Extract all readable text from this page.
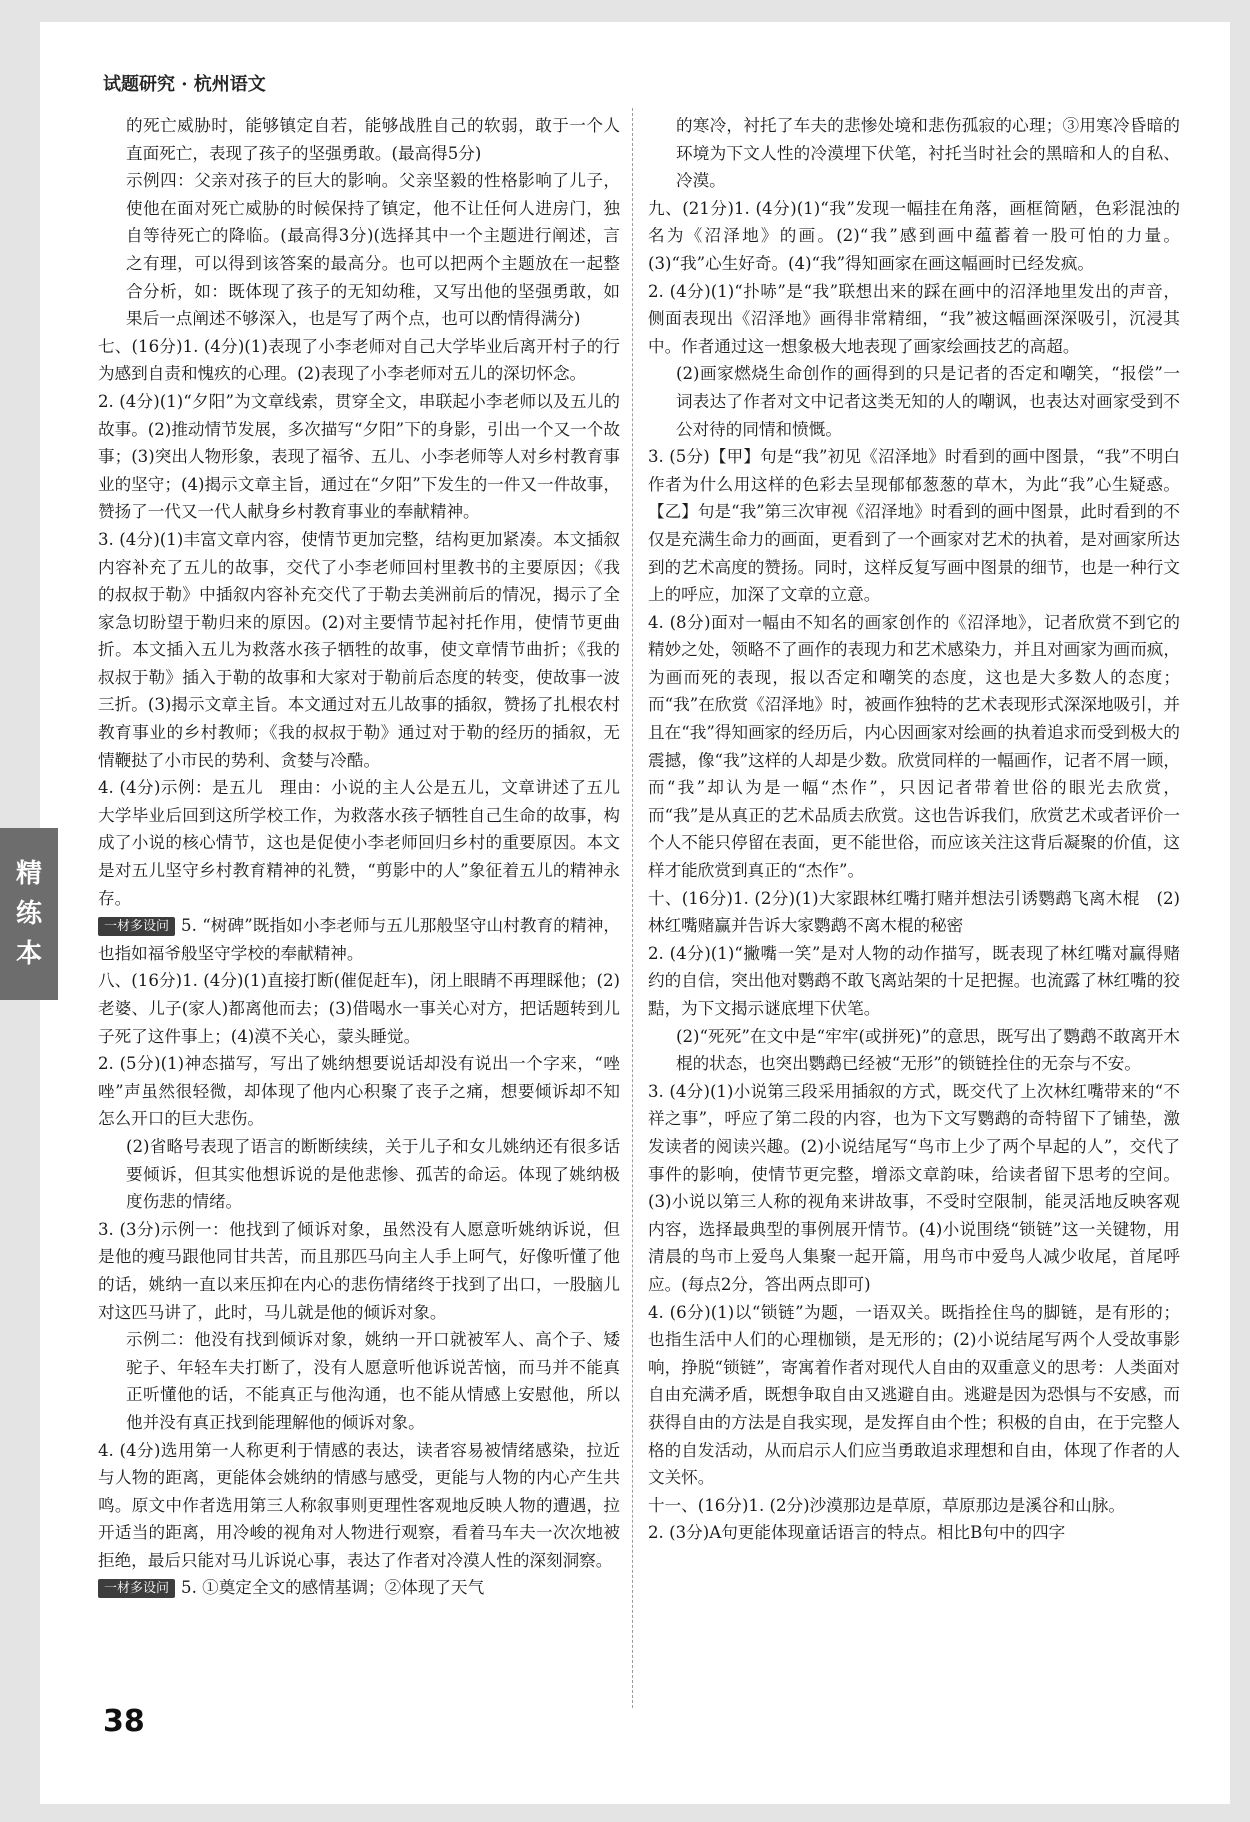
试题研究 · 杭州语文

的死亡威胁时，能够镇定自若，能够战胜自己的软弱，敢于一个人直面死亡，表现了孩子的坚强勇敢。(最高得5分)

示例四：父亲对孩子的巨大的影响。父亲坚毅的性格影响了儿子，使他在面对死亡威胁的时候保持了镇定，他不让任何人进房门，独自等待死亡的降临。(最高得3分)(选择其中一个主题进行阐述，言之有理，可以得到该答案的最高分。也可以把两个主题放在一起整合分析，如：既体现了孩子的无知幼稚，又写出他的坚强勇敢，如果后一点阐述不够深入，也是写了两个点，也可以酌情得满分)

七、(16分)1. (4分)(1)表现了小李老师对自己大学毕业后离开村子的行为感到自责和愧疚的心理。(2)表现了小李老师对五儿的深切怀念。

2. (4分)(1)“夕阳”为文章线索，贯穿全文，串联起小李老师以及五儿的故事。(2)推动情节发展，多次描写“夕阳”下的身影，引出一个又一个故事；(3)突出人物形象，表现了福爷、五儿、小李老师等人对乡村教育事业的坚守；(4)揭示文章主旨，通过在“夕阳”下发生的一件又一件故事，赞扬了一代又一代人献身乡村教育事业的奉献精神。

3. (4分)(1)丰富文章内容，使情节更加完整，结构更加紧凑。本文插叙内容补充了五儿的故事，交代了小李老师回村里教书的主要原因；《我的叔叔于勒》中插叙内容补充交代了于勒去美洲前后的情况，揭示了全家急切盼望于勒归来的原因。(2)对主要情节起衬托作用，使情节更曲折。本文插入五儿为救落水孩子牺牲的故事，使文章情节曲折；《我的叔叔于勒》插入于勒的故事和大家对于勒前后态度的转变，使故事一波三折。(3)揭示文章主旨。本文通过对五儿故事的插叙，赞扬了扎根农村教育事业的乡村教师；《我的叔叔于勒》通过对于勒的经历的插叙，无情鞭挞了小市民的势利、贪婪与冷酷。

4. (4分)示例：是五儿　理由：小说的主人公是五儿，文章讲述了五儿大学毕业后回到这所学校工作，为救落水孩子牺牲自己生命的故事，构成了小说的核心情节，这也是促使小李老师回归乡村的重要原因。本文是对五儿坚守乡村教育精神的礼赞，“剪影中的人”象征着五儿的精神永存。

一材多设问 5. “树碑”既指如小李老师与五儿那般坚守山村教育的精神，也指如福爷般坚守学校的奉献精神。

八、(16分)1. (4分)(1)直接打断(催促赶车)，闭上眼睛不再理睬他；(2)老婆、儿子(家人)都离他而去；(3)借喝水一事关心对方，把话题转到儿子死了这件事上；(4)漠不关心，蒙头睡觉。

2. (5分)(1)神态描写，写出了姚纳想要说话却没有说出一个字来，“唑唑”声虽然很轻微，却体现了他内心积聚了丧子之痛，想要倾诉却不知怎么开口的巨大悲伤。

(2)省略号表现了语言的断断续续，关于儿子和女儿姚纳还有很多话要倾诉，但其实他想诉说的是他悲惨、孤苦的命运。体现了姚纳极度伤悲的情绪。

3. (3分)示例一：他找到了倾诉对象，虽然没有人愿意听姚纳诉说，但是他的瘦马跟他同甘共苦，而且那匹马向主人手上呵气，好像听懂了他的话，姚纳一直以来压抑在内心的悲伤情绪终于找到了出口，一股脑儿对这匹马讲了，此时，马儿就是他的倾诉对象。

示例二：他没有找到倾诉对象，姚纳一开口就被军人、高个子、矮驼子、年轻车夫打断了，没有人愿意听他诉说苦恼，而马并不能真正听懂他的话，不能真正与他沟通，也不能从情感上安慰他，所以他并没有真正找到能理解他的倾诉对象。

4. (4分)选用第一人称更利于情感的表达，读者容易被情绪感染，拉近与人物的距离，更能体会姚纳的情感与感受，更能与人物的内心产生共鸣。原文中作者选用第三人称叙事则更理性客观地反映人物的遭遇，拉开适当的距离，用冷峻的视角对人物进行观察，看着马车夫一次次地被拒绝，最后只能对马儿诉说心事，表达了作者对冷漠人性的深刻洞察。

一材多设问 5. ①奠定全文的感情基调；②体现了天气

的寒冷，衬托了车夫的悲惨处境和悲伤孤寂的心理；③用寒冷昏暗的环境为下文人性的冷漠埋下伏笔，衬托当时社会的黑暗和人的自私、冷漠。

九、(21分)1. (4分)(1)“我”发现一幅挂在角落，画框简陋，色彩混浊的名为《沼泽地》的画。(2)“我”感到画中蕴蓄着一股可怕的力量。(3)“我”心生好奇。(4)“我”得知画家在画这幅画时已经发疯。

2. (4分)(1)“扑哧”是“我”联想出来的踩在画中的沼泽地里发出的声音，侧面表现出《沼泽地》画得非常精细，“我”被这幅画深深吸引，沉浸其中。作者通过这一想象极大地表现了画家绘画技艺的高超。

(2)画家燃烧生命创作的画得到的只是记者的否定和嘲笑，“报偿”一词表达了作者对文中记者这类无知的人的嘲讽，也表达对画家受到不公对待的同情和愤慨。

3. (5分)【甲】句是“我”初见《沼泽地》时看到的画中图景，“我”不明白作者为什么用这样的色彩去呈现郁郁葱葱的草木，为此“我”心生疑惑。【乙】句是“我”第三次审视《沼泽地》时看到的画中图景，此时看到的不仅是充满生命力的画面，更看到了一个画家对艺术的执着，是对画家所达到的艺术高度的赞扬。同时，这样反复写画中图景的细节，也是一种行文上的呼应，加深了文章的立意。

4. (8分)面对一幅由不知名的画家创作的《沼泽地》，记者欣赏不到它的精妙之处，领略不了画作的表现力和艺术感染力，并且对画家为画而疯，为画而死的表现，报以否定和嘲笑的态度，这也是大多数人的态度；而“我”在欣赏《沼泽地》时，被画作独特的艺术表现形式深深地吸引，并且在“我”得知画家的经历后，内心因画家对绘画的执着追求而受到极大的震撼，像“我”这样的人却是少数。欣赏同样的一幅画作，记者不屑一顾，而“我”却认为是一幅“杰作”，只因记者带着世俗的眼光去欣赏，而“我”是从真正的艺术品质去欣赏。这也告诉我们，欣赏艺术或者评价一个人不能只停留在表面，更不能世俗，而应该关注这背后凝聚的价值，这样才能欣赏到真正的“杰作”。

十、(16分)1. (2分)(1)大家跟林红嘴打赌并想法引诱鹦鹉飞离木棍　(2)林红嘴赌赢并告诉大家鹦鹉不离木棍的秘密

2. (4分)(1)“撇嘴一笑”是对人物的动作描写，既表现了林红嘴对赢得赌约的自信，突出他对鹦鹉不敢飞离站架的十足把握。也流露了林红嘴的狡黠，为下文揭示谜底埋下伏笔。

(2)“死死”在文中是“牢牢(或拼死)”的意思，既写出了鹦鹉不敢离开木棍的状态，也突出鹦鹉已经被“无形”的锁链拴住的无奈与不安。

3. (4分)(1)小说第三段采用插叙的方式，既交代了上次林红嘴带来的“不祥之事”，呼应了第二段的内容，也为下文写鹦鹉的奇特留下了铺垫，激发读者的阅读兴趣。(2)小说结尾写“鸟市上少了两个早起的人”，交代了事件的影响，使情节更完整，增添文章韵味，给读者留下思考的空间。(3)小说以第三人称的视角来讲故事，不受时空限制，能灵活地反映客观内容，选择最典型的事例展开情节。(4)小说围绕“锁链”这一关键物，用清晨的鸟市上爱鸟人集聚一起开篇，用鸟市中爱鸟人减少收尾，首尾呼应。(每点2分，答出两点即可)

4. (6分)(1)以“锁链”为题，一语双关。既指拴住鸟的脚链，是有形的；也指生活中人们的心理枷锁，是无形的；(2)小说结尾写两个人受故事影响，挣脱“锁链”，寄寓着作者对现代人自由的双重意义的思考：人类面对自由充满矛盾，既想争取自由又逃避自由。逃避是因为恐惧与不安感，而获得自由的方法是自我实现，是发挥自由个性；积极的自由，在于完整人格的自发活动，从而启示人们应当勇敢追求理想和自由，体现了作者的人文关怀。

十一、(16分)1. (2分)沙漠那边是草原，草原那边是溪谷和山脉。

2. (3分)A句更能体现童话语言的特点。相比B句中的四字

精
练
本
38
